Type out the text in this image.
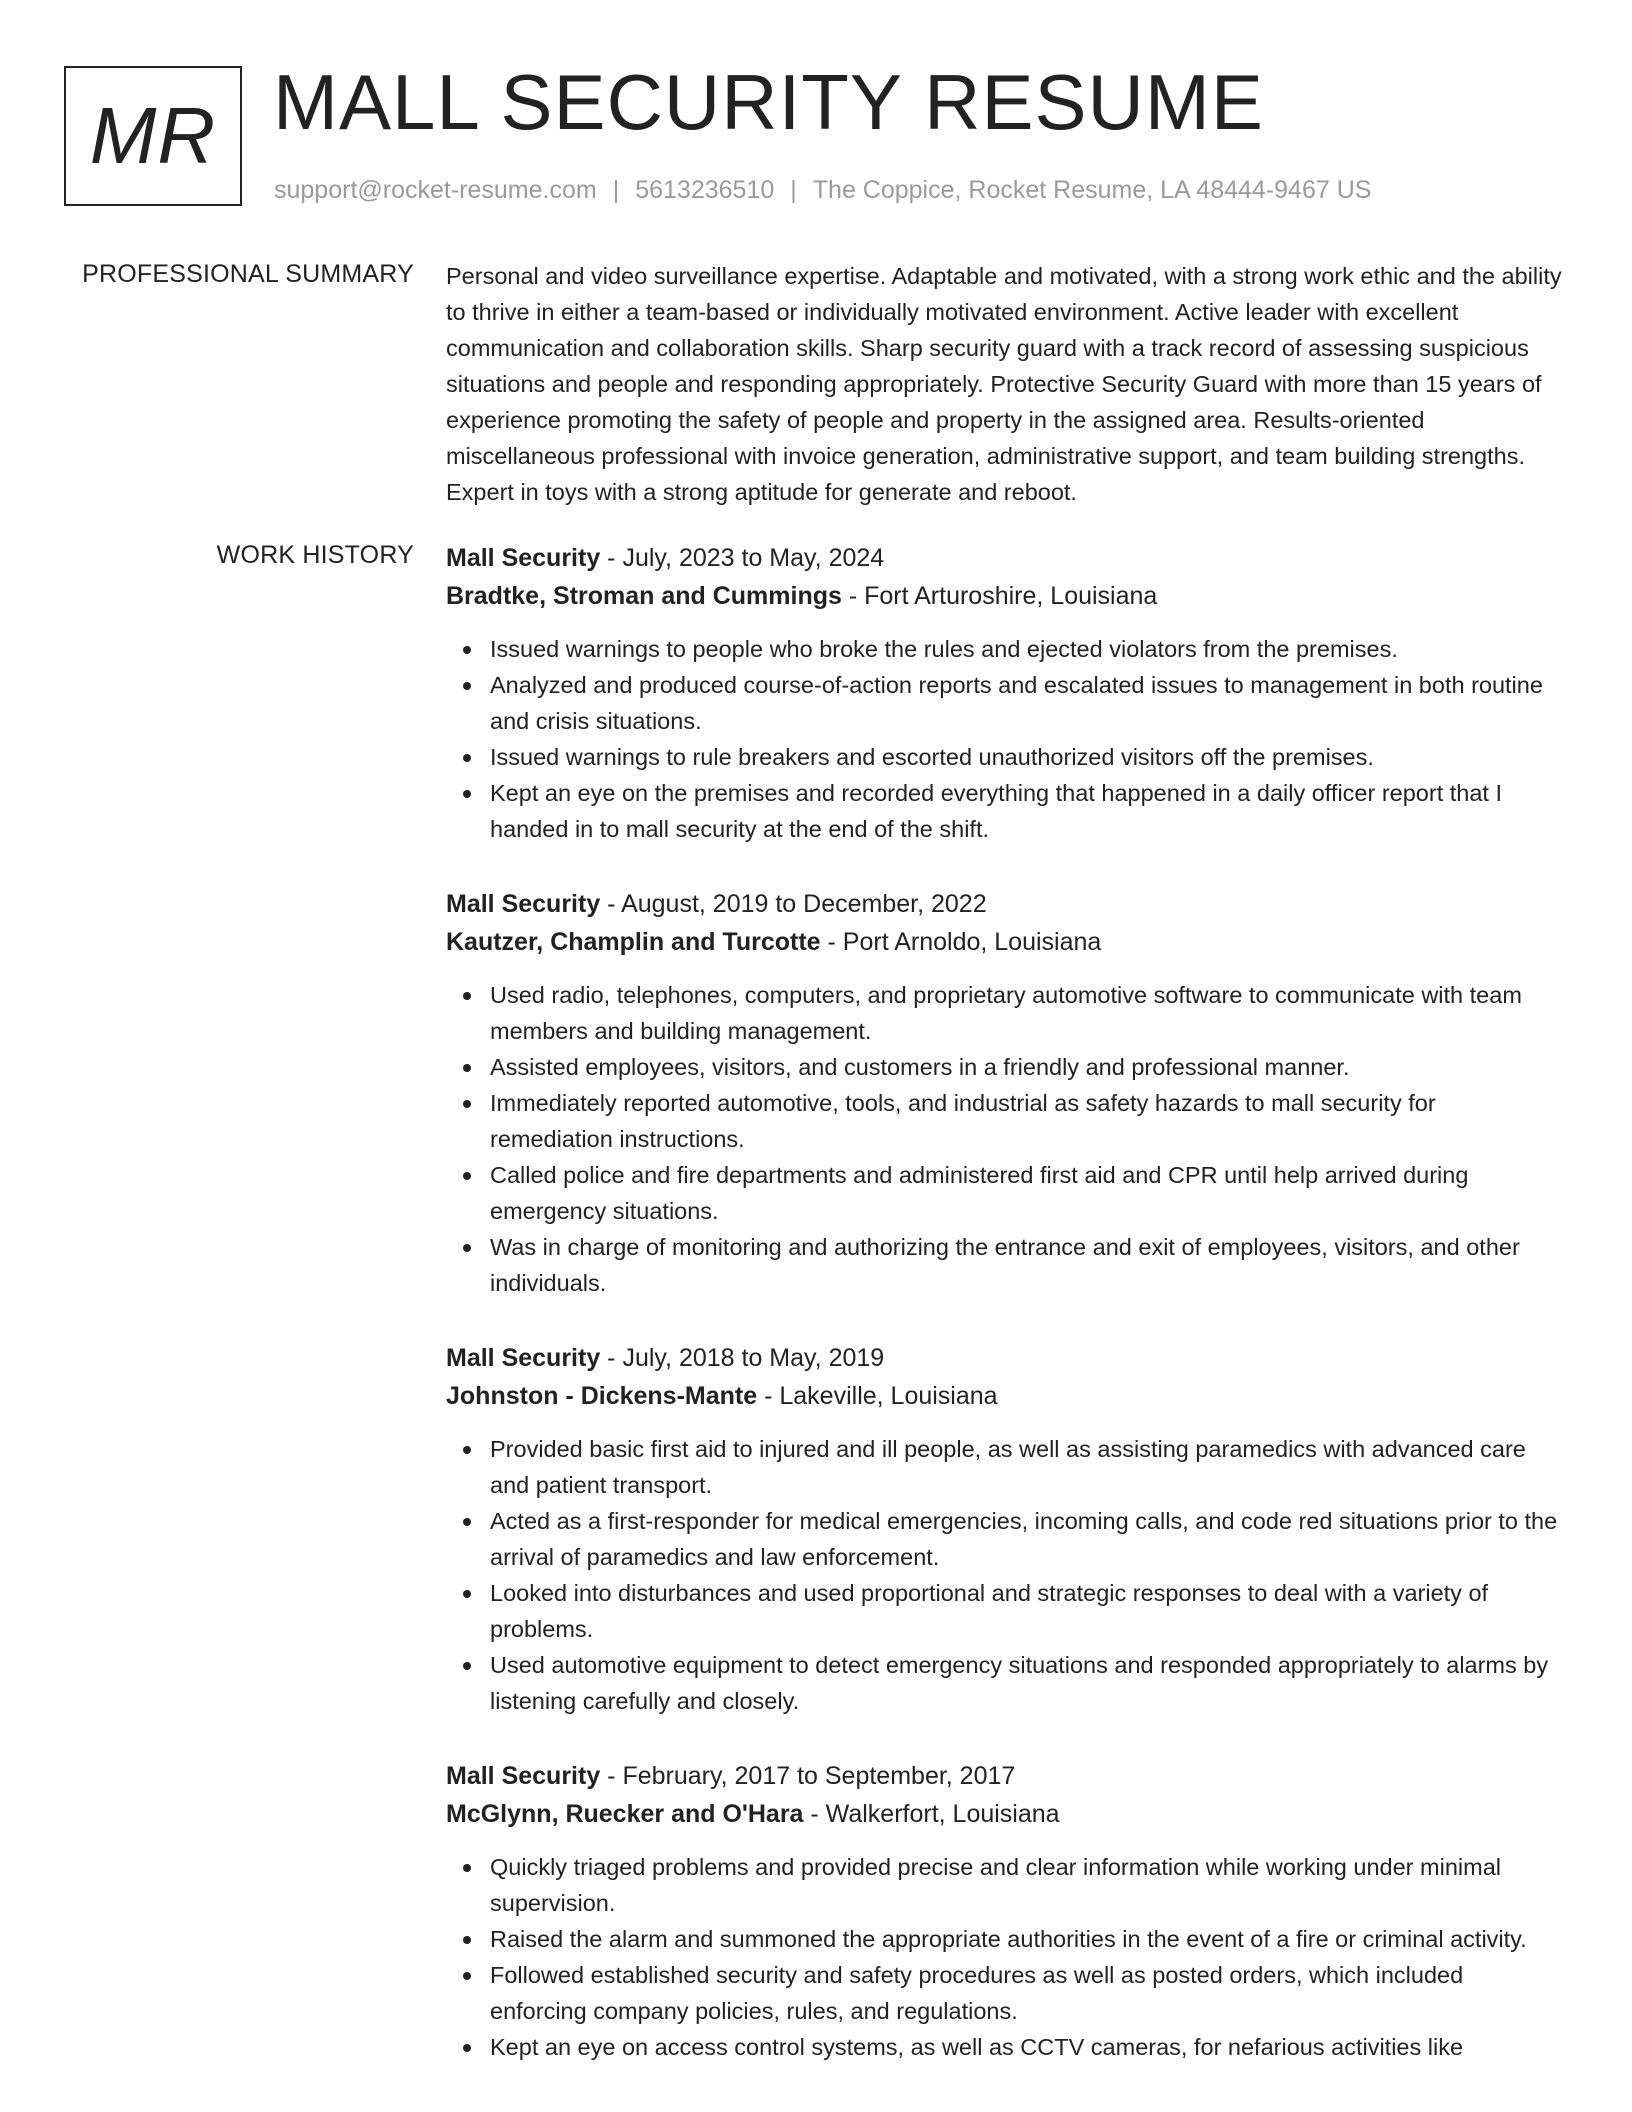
MR MALL SECURITY RESUME
support@rocket-resume.com | 5613236510 | The Coppice, Rocket Resume, LA 48444-9467 US
PROFESSIONAL SUMMARY Personal and video surveillance expertise. Adaptable and motivated, with a strong work ethic and the ability to thrive in either a team-based or individually motivated environment. Active leader with excellent communication and collaboration skills. Sharp security guard with a track record of assessing suspicious situations and people and responding appropriately. Protective Security Guard with more than 15 years of experience promoting the safety of people and property in the assigned area. Results-oriented miscellaneous professional with invoice generation, administrative support, and team building strengths. Expert in toys with a strong aptitude for generate and reboot.

WORK HISTORY Mall Security - July, 2023 to May, 2024
Bradtke, Stroman and Cummings - Fort Arturoshire, Louisiana
Issued warnings to people who broke the rules and ejected violators from the premises.
Analyzed and produced course-of-action reports and escalated issues to management in both routine and crisis situations.
Issued warnings to rule breakers and escorted unauthorized visitors off the premises.
Kept an eye on the premises and recorded everything that happened in a daily officer report that I handed in to mall security at the end of the shift.
Mall Security - August, 2019 to December, 2022
Kautzer, Champlin and Turcotte - Port Arnoldo, Louisiana
Used radio, telephones, computers, and proprietary automotive software to communicate with team members and building management.
Assisted employees, visitors, and customers in a friendly and professional manner.
Immediately reported automotive, tools, and industrial as safety hazards to mall security for remediation instructions.
Called police and fire departments and administered first aid and CPR until help arrived during emergency situations.
Was in charge of monitoring and authorizing the entrance and exit of employees, visitors, and other individuals.
Mall Security - July, 2018 to May, 2019
Johnston - Dickens-Mante - Lakeville, Louisiana
Provided basic first aid to injured and ill people, as well as assisting paramedics with advanced care and patient transport.
Acted as a first-responder for medical emergencies, incoming calls, and code red situations prior to the arrival of paramedics and law enforcement.
Looked into disturbances and used proportional and strategic responses to deal with a variety of problems.
Used automotive equipment to detect emergency situations and responded appropriately to alarms by listening carefully and closely.
Mall Security - February, 2017 to September, 2017
McGlynn, Ruecker and O'Hara - Walkerfort, Louisiana
Quickly triaged problems and provided precise and clear information while working under minimal supervision.
Raised the alarm and summoned the appropriate authorities in the event of a fire or criminal activity.
Followed established security and safety procedures as well as posted orders, which included enforcing company policies, rules, and regulations.
Kept an eye on access control systems, as well as CCTV cameras, for nefarious activities like
